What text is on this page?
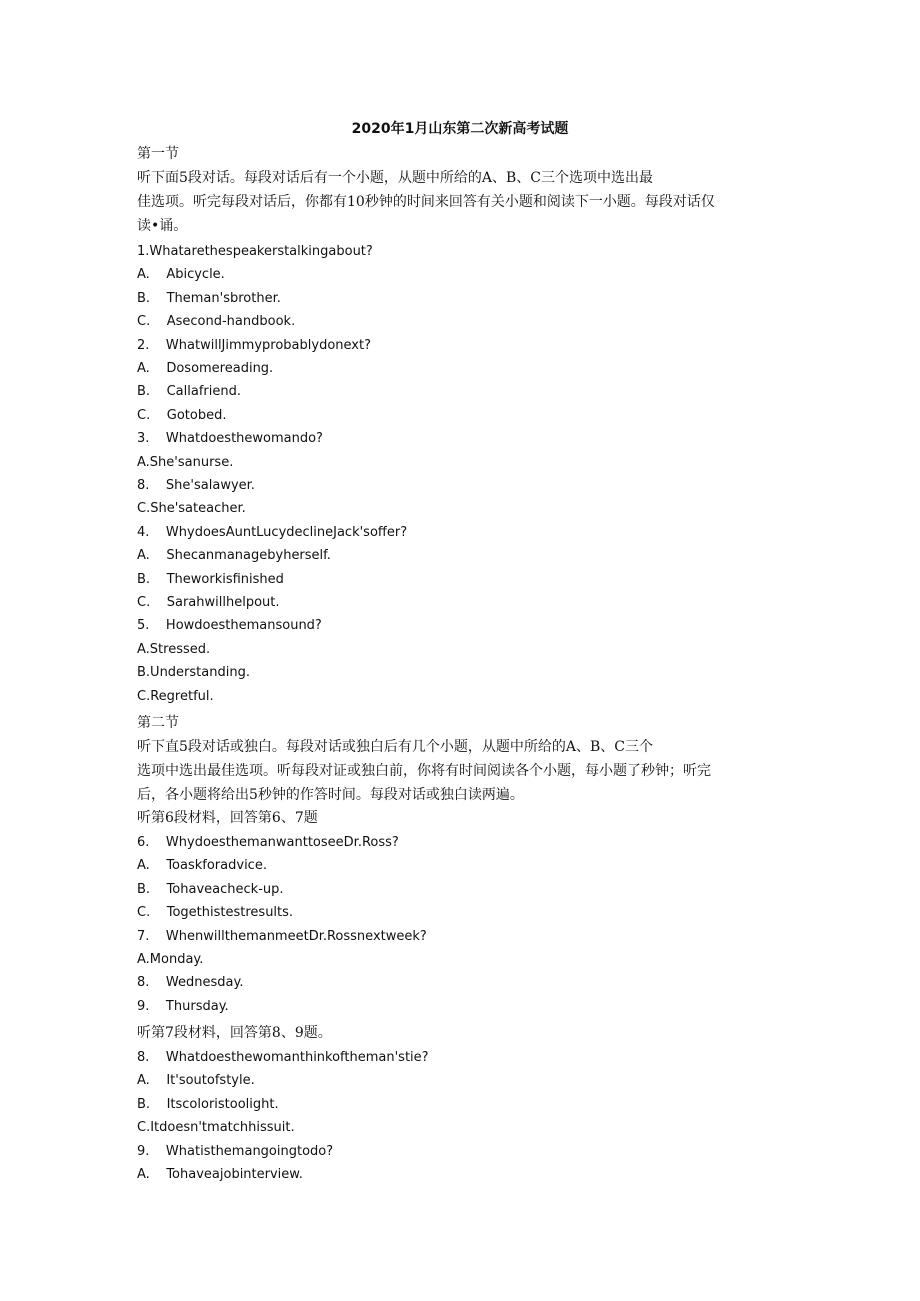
2020年1月山东第二次新高考试题
第一节
听下面5段对话。每段对话后有一个小题，从题中所给的A、B、C三个选项中选出最
佳选项。听完每段对话后，你都有10秒钟的时间来回答有关小题和阅读下一小题。每段对话仅
读•诵。
1.Whatarethespeakerstalkingabout?
A.    Abicycle.
B.    Theman'sbrother.
C.    Asecond-handbook.
2.    WhatwillJimmyprobablydonext?
A.    Dosomereading.
B.    Callafriend.
C.    Gotobed.
3.    Whatdoesthewomando?
A.She'sanurse.
8.    She'salawyer.
C.She'sateacher.
4.    WhydoesAuntLucydeclineJack'soffer?
A.    Shecanmanagebyherself.
B.    Theworkisfinished
C.    Sarahwillhelpout.
5.    Howdoesthemansound?
A.Stressed.
B.Understanding.
C.Regretful.
第二节
听下直5段对话或独白。每段对话或独白后有几个小题，从题中所给的A、B、C三个
选项中选出最佳选项。听每段对证或独白前，你将有时间阅读各个小题，每小题了秒钟；听完
后，各小题将给出5秒钟的作答时间。每段对话或独白读两遍。
听第6段材料，回答第6、7题
6.    WhydoesthemanwanttoseeDr.Ross?
A.    Toaskforadvice.
B.    Tohaveacheck-up.
C.    Togethistestresults.
7.    WhenwillthemanmeetDr.Rossnextweek?
A.Monday.
8.    Wednesday.
9.    Thursday.
听第7段材料，回答第8、9题。
8.    Whatdoesthewomanthinkoftheman'stie?
A.    It'soutofstyle.
B.    Itscoloristoolight.
C.Itdoesn'tmatchhissuit.
9.    Whatisthemangoingtodo?
A.    Tohaveajobinterview.
